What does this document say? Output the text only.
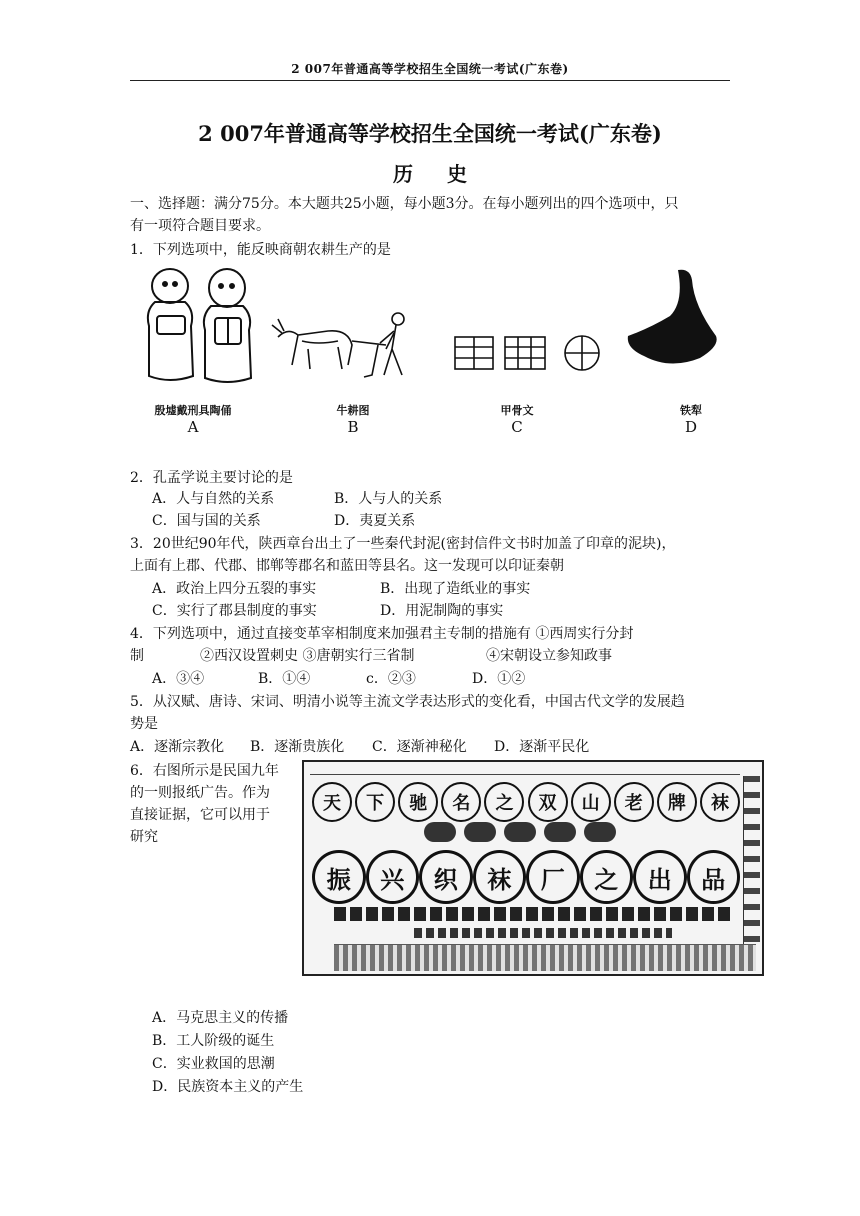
2 007年普通高等学校招生全国统一考试(广东卷)
2 007年普通高等学校招生全国统一考试(广东卷)
历史
一、选择题：满分75分。本大题共25小题，每小题3分。在每小题列出的四个选项中，只
有一项符合题目要求。
1．下列选项中，能反映商朝农耕生产的是
殷墟戴刑具陶俑	牛耕图	甲骨文	铁犁
A	B	C	D
2．孔孟学说主要讨论的是
A．人与自然的关系	B．人与人的关系
C．国与国的关系	D．夷夏关系
3．20世纪90年代，陕西章台出土了一些秦代封泥(密封信件文书时加盖了印章的泥块)，
上面有上郡、代郡、邯郸等郡名和蓝田等县名。这一发现可以印证秦朝
A．政治上四分五裂的事实	B．出现了造纸业的事实
C．实行了郡县制度的事实	D．用泥制陶的事实
4．下列选项中，通过直接变革宰相制度来加强君主专制的措施有 ①西周实行分封
制	②西汉设置刺史 ③唐朝实行三省制	④宋朝设立参知政事
A．③④	B．①④	c．②③	D．①②
5．从汉赋、唐诗、宋词、明清小说等主流文学表达形式的变化看，中国古代文学的发展趋
势是
A．逐渐宗教化 B．逐渐贵族化 C．逐渐神秘化 D．逐渐平民化
6．右图所示是民国九年
的一则报纸广告。作为
直接证据，它可以用于
研究
天	下	驰	名	之	双	山	老	牌	袜
振	兴	织	袜	厂	之	出	品
A．马克思主义的传播
B．工人阶级的诞生
C．实业救国的思潮
D．民族资本主义的产生
